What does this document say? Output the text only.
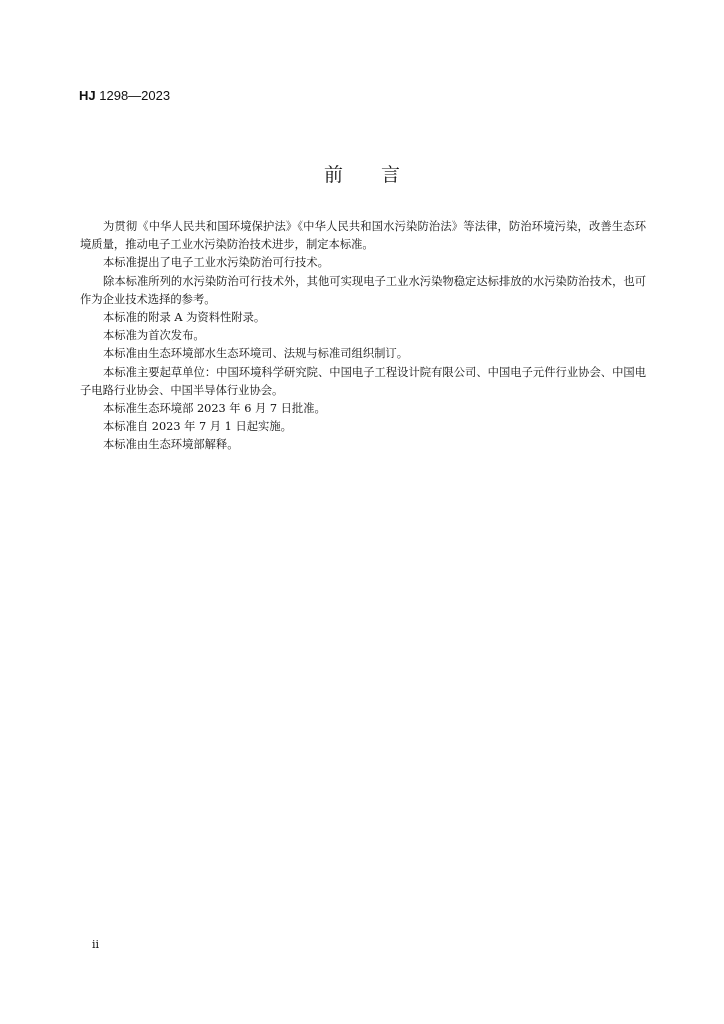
HJ 1298—2023
前言

为贯彻《中华人民共和国环境保护法》《中华人民共和国水污染防治法》等法律，防治环境污染，改善生态环境质量，推动电子工业水污染防治技术进步，制定本标准。

本标准提出了电子工业水污染防治可行技术。

除本标准所列的水污染防治可行技术外，其他可实现电子工业水污染物稳定达标排放的水污染防治技术，也可作为企业技术选择的参考。

本标准的附录 A 为资料性附录。

本标准为首次发布。

本标准由生态环境部水生态环境司、法规与标准司组织制订。

本标准主要起草单位：中国环境科学研究院、中国电子工程设计院有限公司、中国电子元件行业协会、中国电子电路行业协会、中国半导体行业协会。

本标准生态环境部 2023 年 6 月 7 日批准。

本标准自 2023 年 7 月 1 日起实施。

本标准由生态环境部解释。

ii
